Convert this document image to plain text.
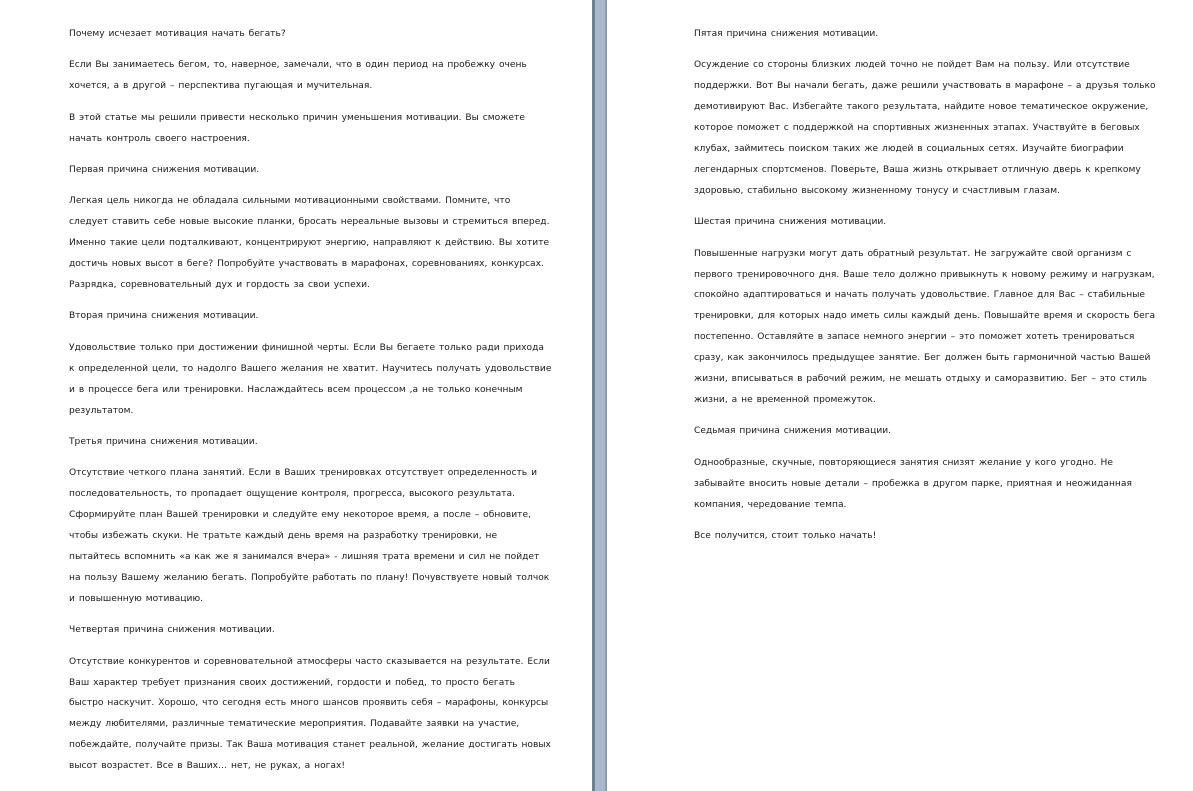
Почему исчезает мотивация начать бегать?

Если Вы занимаетесь бегом, то, наверное, замечали, что в один период на пробежку очень хочется, а в другой – перспектива пугающая и мучительная.

В этой статье мы решили привести несколько причин уменьшения мотивации. Вы сможете начать контроль своего настроения.

Первая причина снижения мотивации.

Легкая цель никогда не обладала сильными мотивационными свойствами. Помните, что следует ставить себе новые высокие планки, бросать нереальные вызовы и стремиться вперед. Именно такие цели подталкивают, концентрируют энергию, направляют к действию. Вы хотите достичь новых высот в беге? Попробуйте участвовать в марафонах, соревнованиях, конкурсах. Разрядка, соревновательный дух и гордость за свои успехи.

Вторая причина снижения мотивации.

Удовольствие только при достижении финишной черты. Если Вы бегаете только ради прихода к определенной цели, то надолго Вашего желания не хватит. Научитесь получать удовольствие и в процессе бега или тренировки. Наслаждайтесь всем процессом ,а не только конечным результатом.

Третья причина снижения мотивации.

Отсутствие четкого плана занятий. Если в Ваших тренировках отсутствует определенность и последовательность, то пропадает ощущение контроля, прогресса, высокого результата. Сформируйте план Вашей тренировки и следуйте ему некоторое время, а после – обновите, чтобы избежать скуки. Не тратьте каждый день время на разработку тренировки, не пытайтесь вспомнить «а как же я занимался вчера» - лишняя трата времени и сил не пойдет на пользу Вашему желанию бегать. Попробуйте работать по плану! Почувствуете новый толчок и повышенную мотивацию.

Четвертая причина снижения мотивации.

Отсутствие конкурентов и соревновательной атмосферы часто сказывается на результате. Если Ваш характер требует признания своих достижений, гордости и побед, то просто бегать быстро наскучит. Хорошо, что сегодня есть много шансов проявить себя – марафоны, конкурсы между любителями, различные тематические мероприятия. Подавайте заявки на участие, побеждайте, получайте призы. Так Ваша мотивация станет реальной, желание достигать новых высот возрастет. Все в Ваших… нет, не руках, а ногах!

Пятая причина снижения мотивации.

Осуждение со стороны близких людей точно не пойдет Вам на пользу. Или отсутствие поддержки. Вот Вы начали бегать, даже решили участвовать в марафоне – а друзья только демотивируют Вас. Избегайте такого результата, найдите новое тематическое окружение, которое поможет с поддержкой на спортивных жизненных этапах. Участвуйте в беговых клубах, займитесь поиском таких же людей в социальных сетях. Изучайте биографии легендарных спортсменов. Поверьте, Ваша жизнь открывает отличную дверь к крепкому здоровью, стабильно высокому жизненному тонусу и счастливым глазам.

Шестая причина снижения мотивации.

Повышенные нагрузки могут дать обратный результат. Не загружайте свой организм с первого тренировочного дня. Ваше тело должно привыкнуть к новому режиму и нагрузкам, спокойно адаптироваться и начать получать удовольствие. Главное для Вас – стабильные тренировки, для которых надо иметь силы каждый день. Повышайте время и скорость бега постепенно. Оставляйте в запасе немного энергии – это поможет хотеть тренироваться сразу, как закончилось предыдущее занятие. Бег должен быть гармоничной частью Вашей жизни, вписываться в рабочий режим, не мешать отдыху и саморазвитию. Бег – это стиль жизни, а не временной промежуток.

Седьмая причина снижения мотивации.

Однообразные, скучные, повторяющиеся занятия снизят желание у кого угодно. Не забывайте вносить новые детали – пробежка в другом парке, приятная и неожиданная компания, чередование темпа.

Все получится, стоит только начать!
